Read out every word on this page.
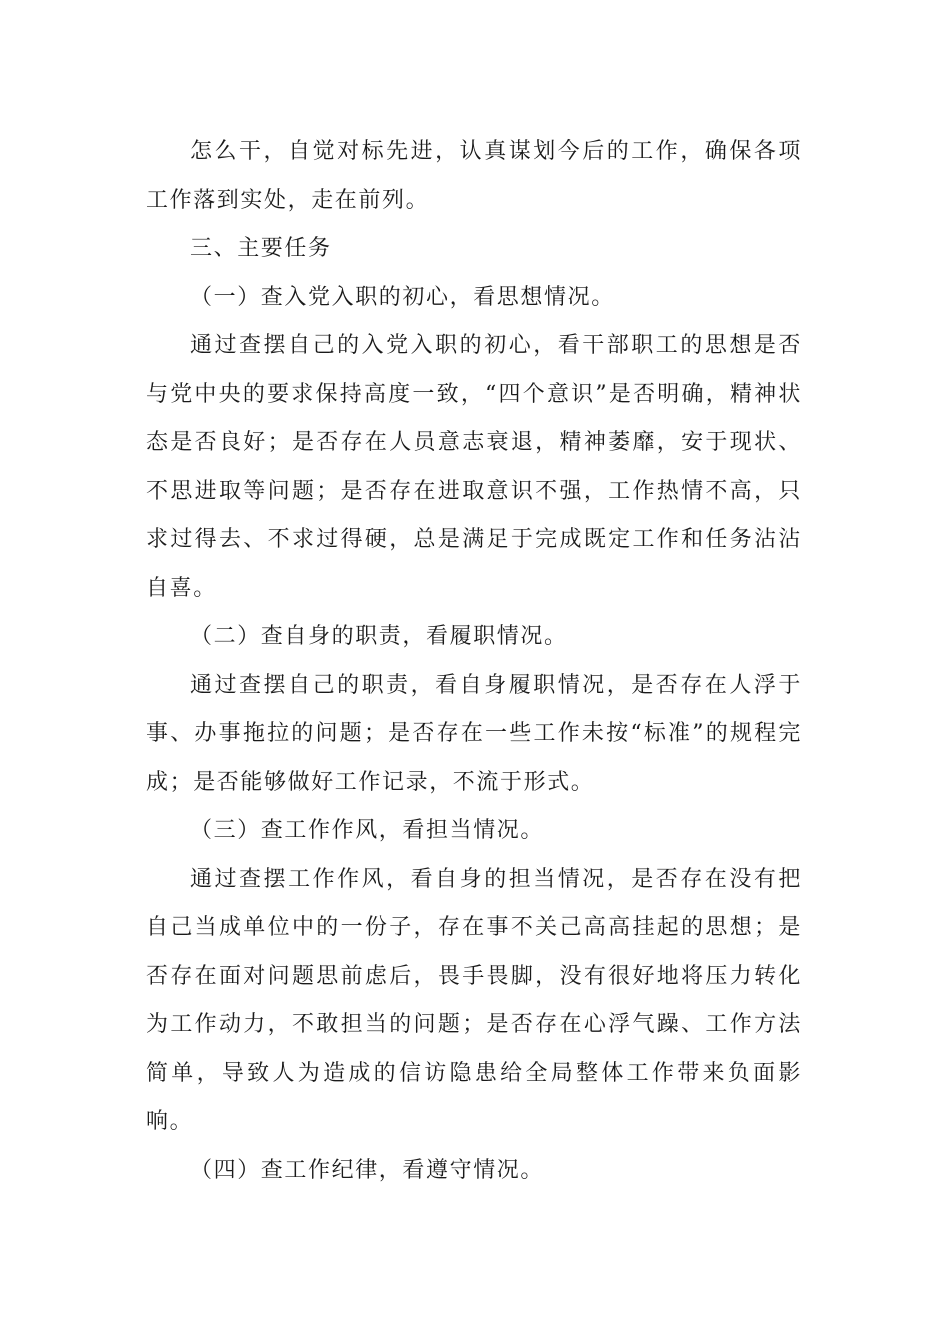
怎么干，自觉对标先进，认真谋划今后的工作，确保各项工作落到实处，走在前列。

三、主要任务

（一）查入党入职的初心，看思想情况。

通过查摆自己的入党入职的初心，看干部职工的思想是否与党中央的要求保持高度一致，“四个意识”是否明确，精神状态是否良好；是否存在人员意志衰退，精神萎靡，安于现状、不思进取等问题；是否存在进取意识不强，工作热情不高，只求过得去、不求过得硬，总是满足于完成既定工作和任务沾沾自喜。

（二）查自身的职责，看履职情况。

通过查摆自己的职责，看自身履职情况，是否存在人浮于事、办事拖拉的问题；是否存在一些工作未按“标准”的规程完成；是否能够做好工作记录，不流于形式。

（三）查工作作风，看担当情况。

通过查摆工作作风，看自身的担当情况，是否存在没有把自己当成单位中的一份子，存在事不关己高高挂起的思想；是否存在面对问题思前虑后，畏手畏脚，没有很好地将压力转化为工作动力，不敢担当的问题；是否存在心浮气躁、工作方法简单，导致人为造成的信访隐患给全局整体工作带来负面影响。

（四）查工作纪律，看遵守情况。
